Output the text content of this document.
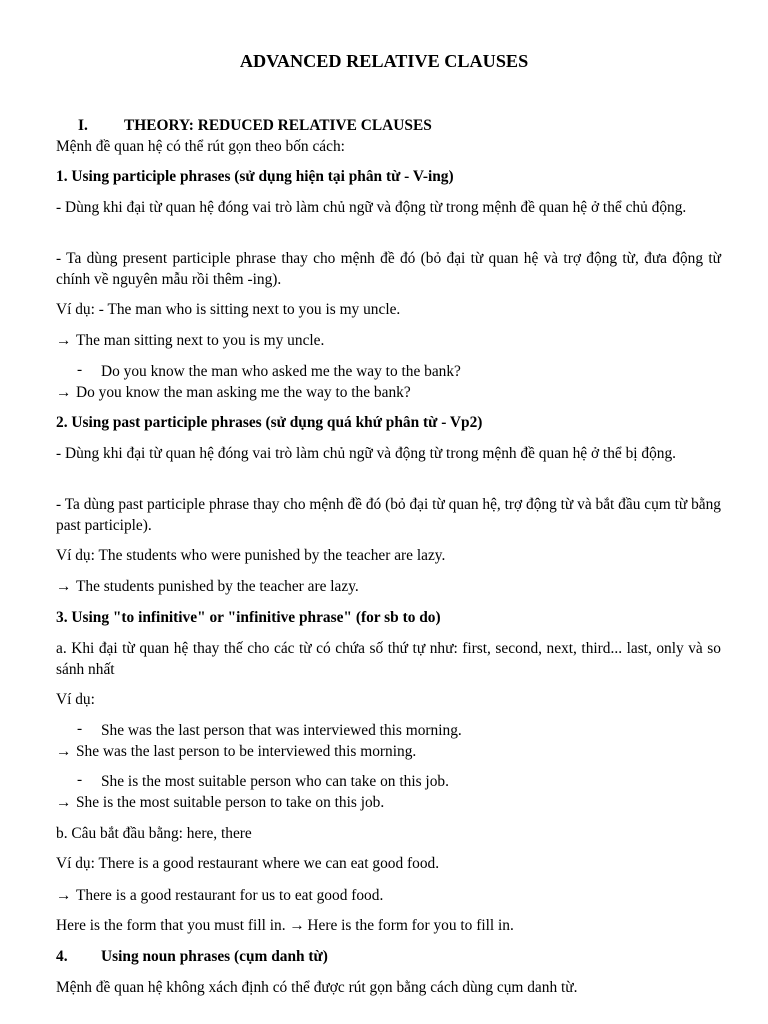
ADVANCED RELATIVE CLAUSES
I. THEORY: REDUCED RELATIVE CLAUSES
Mệnh đề quan hệ có thể rút gọn theo bốn cách:
1. Using participle phrases (sử dụng hiện tại phân từ - V-ing)
- Dùng khi đại từ quan hệ đóng vai trò làm chủ ngữ và động từ trong mệnh đề quan hệ ở thể chủ động.
- Ta dùng present participle phrase thay cho mệnh đề đó (bỏ đại từ quan hệ và trợ động từ, đưa động từ chính về nguyên mẫu rồi thêm -ing).
Ví dụ: - The man who is sitting next to you is my uncle.
→ The man sitting next to you is my uncle.
- Do you know the man who asked me the way to the bank?
→ Do you know the man asking me the way to the bank?
2. Using past participle phrases (sử dụng quá khứ phân từ - Vp2)
- Dùng khi đại từ quan hệ đóng vai trò làm chủ ngữ và động từ trong mệnh đề quan hệ ở thể bị động.
- Ta dùng past participle phrase thay cho mệnh đề đó (bỏ đại từ quan hệ, trợ động từ và bắt đầu cụm từ bằng past participle).
Ví dụ: The students who were punished by the teacher are lazy.
→ The students punished by the teacher are lazy.
3. Using "to infinitive" or "infinitive phrase" (for sb to do)
a. Khi đại từ quan hệ thay thế cho các từ có chứa số thứ tự như: first, second, next, third... last, only và so sánh nhất
Ví dụ:
- She was the last person that was interviewed this morning.
→ She was the last person to be interviewed this morning.
- She is the most suitable person who can take on this job.
→ She is the most suitable person to take on this job.
b. Câu bắt đầu bằng: here, there
Ví dụ: There is a good restaurant where we can eat good food.
→ There is a good restaurant for us to eat good food.
Here is the form that you must fill in. → Here is the form for you to fill in.
4. Using noun phrases (cụm danh từ)
Mệnh đề quan hệ không xách định có thể được rút gọn bằng cách dùng cụm danh từ.
